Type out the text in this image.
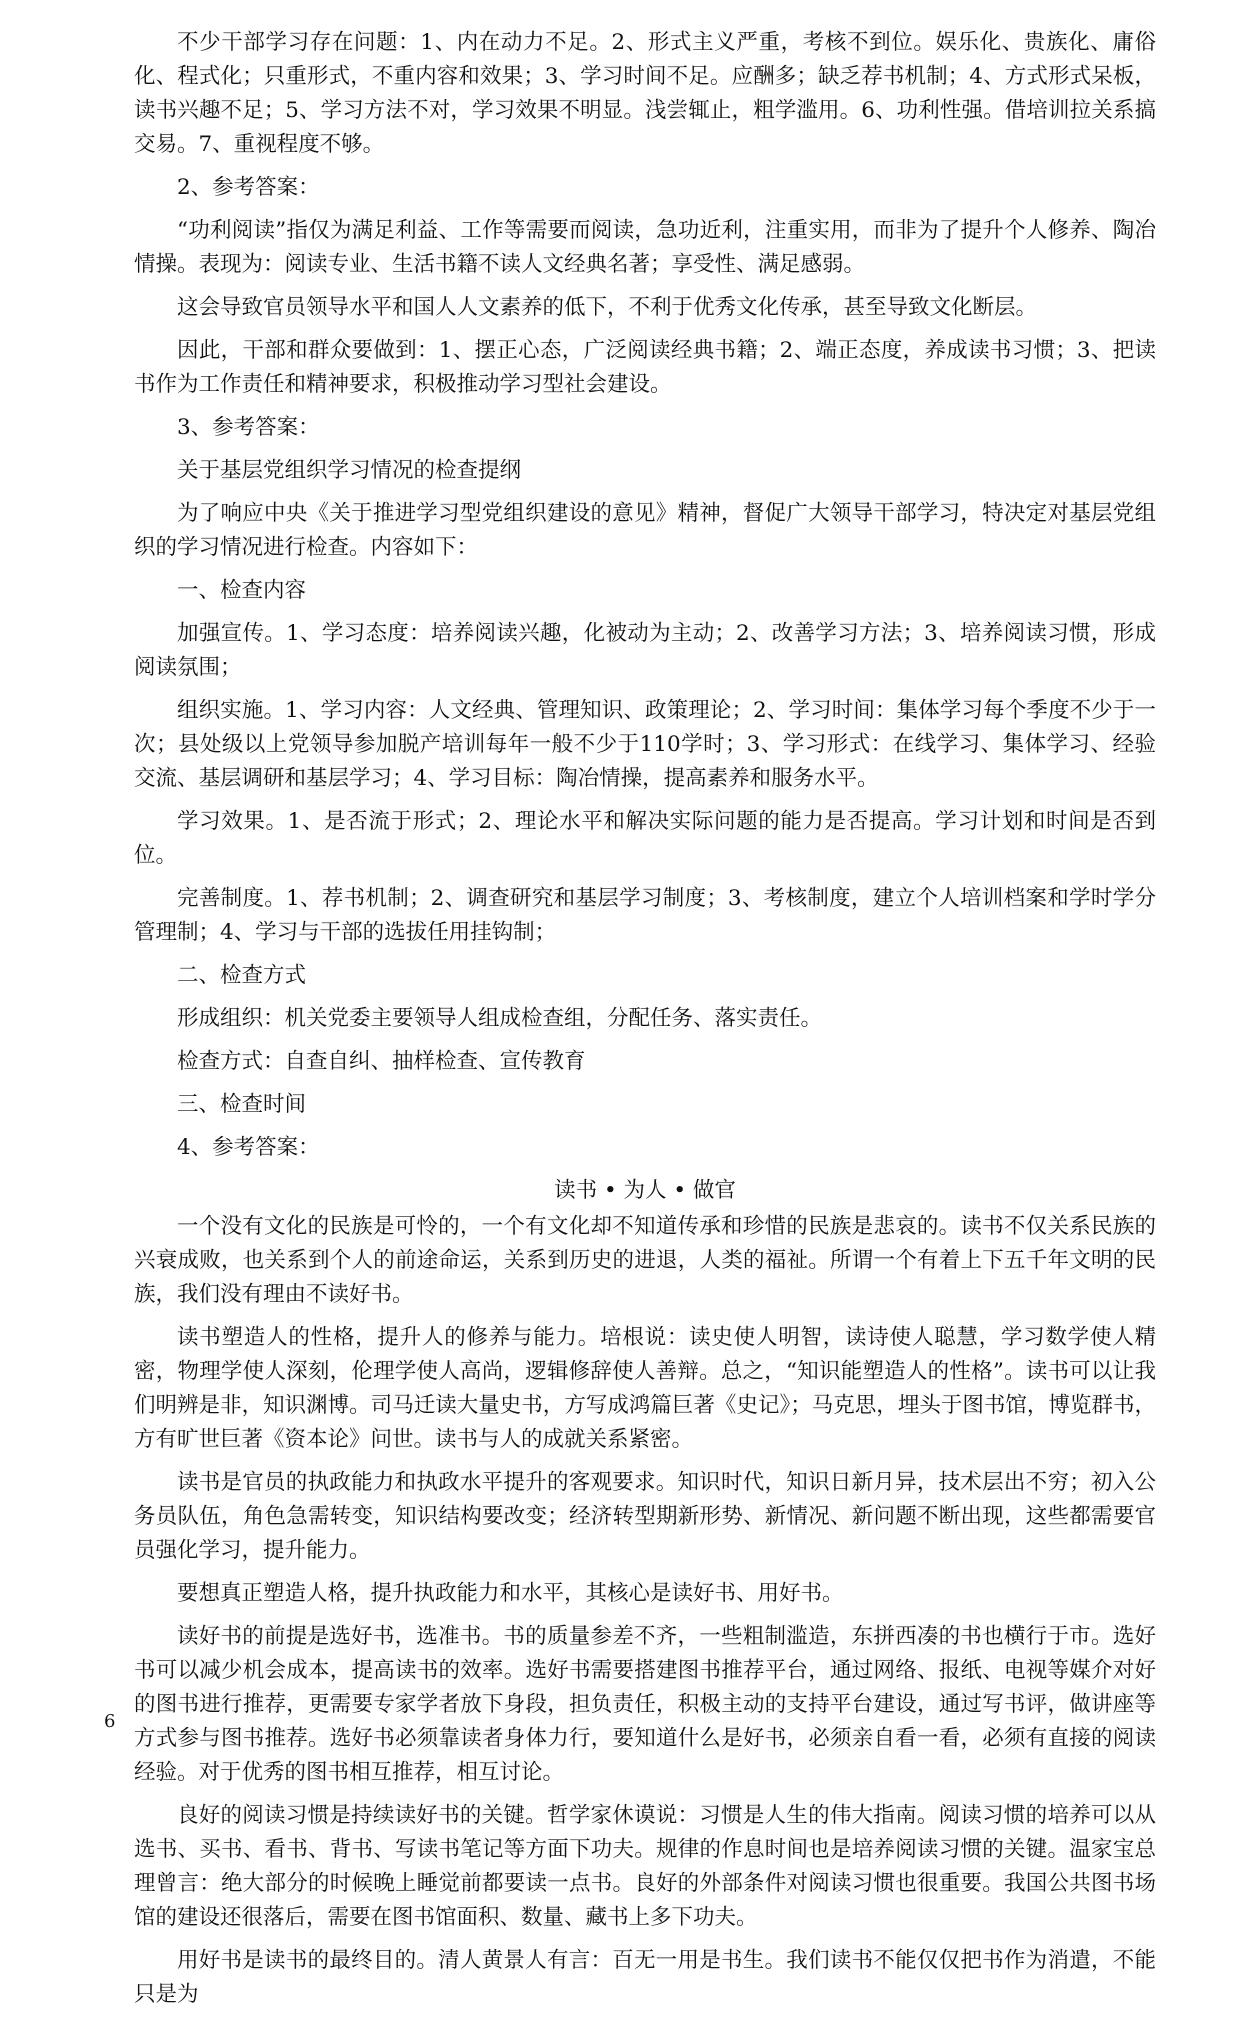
不少干部学习存在问题：1、内在动力不足。2、形式主义严重，考核不到位。娱乐化、贵族化、庸俗化、程式化；只重形式，不重内容和效果；3、学习时间不足。应酬多；缺乏荐书机制；4、方式形式呆板，读书兴趣不足；5、学习方法不对，学习效果不明显。浅尝辄止，粗学滥用。6、功利性强。借培训拉关系搞交易。7、重视程度不够。

2、参考答案：

“功利阅读”指仅为满足利益、工作等需要而阅读，急功近利，注重实用，而非为了提升个人修养、陶冶情操。表现为：阅读专业、生活书籍不读人文经典名著；享受性、满足感弱。

这会导致官员领导水平和国人人文素养的低下，不利于优秀文化传承，甚至导致文化断层。

因此，干部和群众要做到：1、摆正心态，广泛阅读经典书籍；2、端正态度，养成读书习惯；3、把读书作为工作责任和精神要求，积极推动学习型社会建设。

3、参考答案：

关于基层党组织学习情况的检查提纲

为了响应中央《关于推进学习型党组织建设的意见》精神，督促广大领导干部学习，特决定对基层党组织的学习情况进行检查。内容如下：

一、检查内容

加强宣传。1、学习态度：培养阅读兴趣，化被动为主动；2、改善学习方法；3、培养阅读习惯，形成阅读氛围；

组织实施。1、学习内容：人文经典、管理知识、政策理论；2、学习时间：集体学习每个季度不少于一次；县处级以上党领导参加脱产培训每年一般不少于110学时；3、学习形式：在线学习、集体学习、经验交流、基层调研和基层学习；4、学习目标：陶冶情操，提高素养和服务水平。

学习效果。1、是否流于形式；2、理论水平和解决实际问题的能力是否提高。学习计划和时间是否到位。

完善制度。1、荐书机制；2、调查研究和基层学习制度；3、考核制度，建立个人培训档案和学时学分管理制；4、学习与干部的选拔任用挂钩制；

二、检查方式

形成组织：机关党委主要领导人组成检查组，分配任务、落实责任。

检查方式：自查自纠、抽样检查、宣传教育

三、检查时间

4、参考答案：

读书 • 为人 • 做官

一个没有文化的民族是可怜的，一个有文化却不知道传承和珍惜的民族是悲哀的。读书不仅关系民族的兴衰成败，也关系到个人的前途命运，关系到历史的进退，人类的福祉。所谓一个有着上下五千年文明的民族，我们没有理由不读好书。

读书塑造人的性格，提升人的修养与能力。培根说：读史使人明智，读诗使人聪慧，学习数学使人精密，物理学使人深刻，伦理学使人高尚，逻辑修辞使人善辩。总之，“知识能塑造人的性格”。读书可以让我们明辨是非，知识渊博。司马迁读大量史书，方写成鸿篇巨著《史记》；马克思，埋头于图书馆，博览群书，方有旷世巨著《资本论》问世。读书与人的成就关系紧密。

读书是官员的执政能力和执政水平提升的客观要求。知识时代，知识日新月异，技术层出不穷；初入公务员队伍，角色急需转变，知识结构要改变；经济转型期新形势、新情况、新问题不断出现，这些都需要官员强化学习，提升能力。

要想真正塑造人格，提升执政能力和水平，其核心是读好书、用好书。

读好书的前提是选好书，选准书。书的质量参差不齐，一些粗制滥造，东拼西凑的书也横行于市。选好书可以减少机会成本，提高读书的效率。选好书需要搭建图书推荐平台，通过网络、报纸、电视等媒介对好的图书进行推荐，更需要专家学者放下身段，担负责任，积极主动的支持平台建设，通过写书评，做讲座等方式参与图书推荐。选好书必须靠读者身体力行，要知道什么是好书，必须亲自看一看，必须有直接的阅读经验。对于优秀的图书相互推荐，相互讨论。

良好的阅读习惯是持续读好书的关键。哲学家休谟说：习惯是人生的伟大指南。阅读习惯的培养可以从选书、买书、看书、背书、写读书笔记等方面下功夫。规律的作息时间也是培养阅读习惯的关键。温家宝总理曾言：绝大部分的时候晚上睡觉前都要读一点书。良好的外部条件对阅读习惯也很重要。我国公共图书场馆的建设还很落后，需要在图书馆面积、数量、藏书上多下功夫。

用好书是读书的最终目的。清人黄景人有言：百无一用是书生。我们读书不能仅仅把书作为消遣，不能只是为

6
